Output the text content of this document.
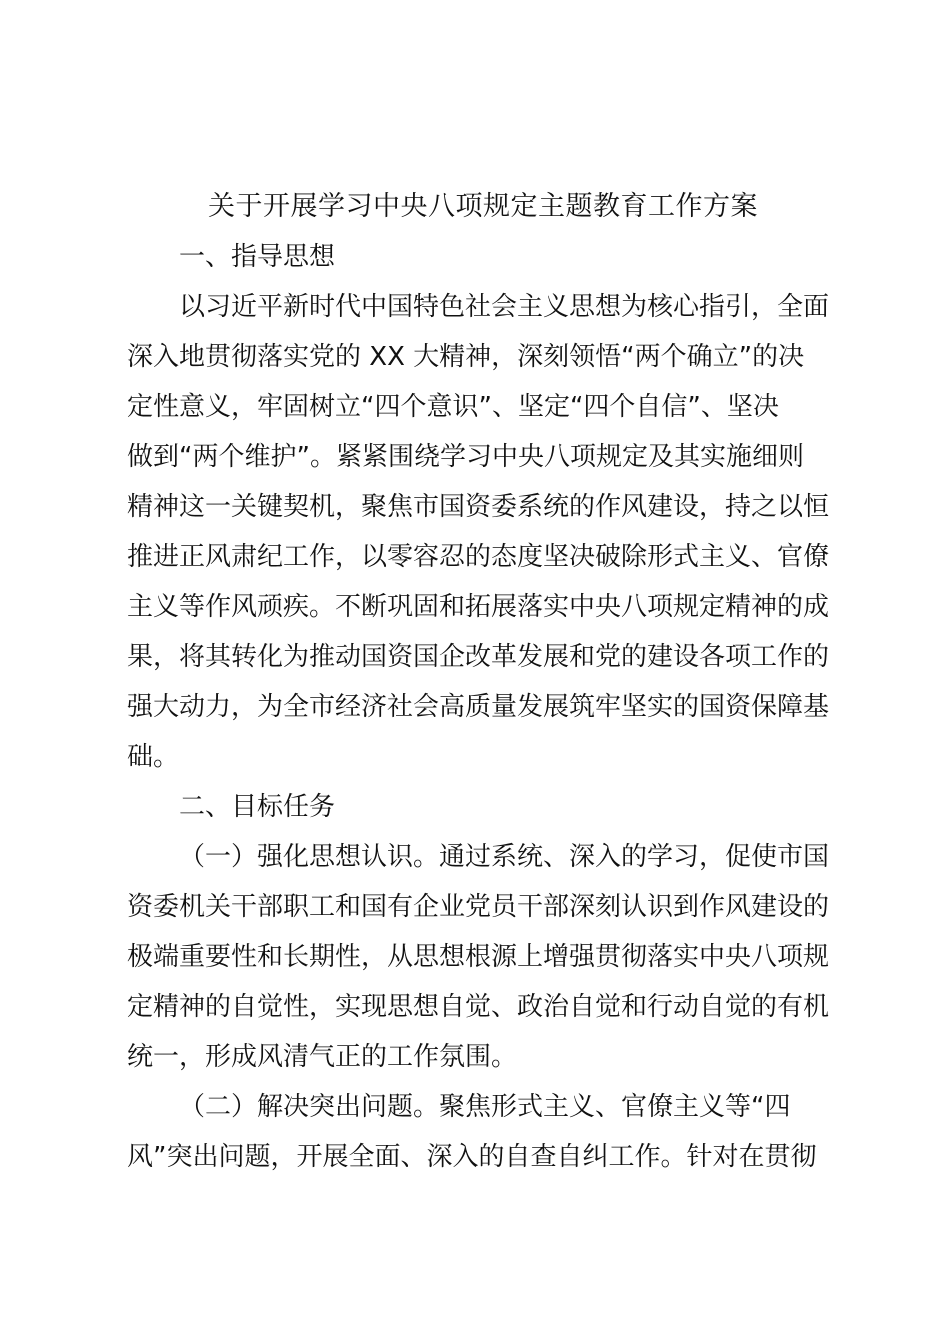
关于开展学习中央八项规定主题教育工作方案
一、指导思想

以习近平新时代中国特色社会主义思想为核心指引，全面
深入地贯彻落实党的 XX 大精神，深刻领悟“两个确立”的决
定性意义，牢固树立“四个意识”、坚定“四个自信”、坚决
做到“两个维护”。紧紧围绕学习中央八项规定及其实施细则
精神这一关键契机，聚焦市国资委系统的作风建设，持之以恒
推进正风肃纪工作，以零容忍的态度坚决破除形式主义、官僚
主义等作风顽疾。不断巩固和拓展落实中央八项规定精神的成
果，将其转化为推动国资国企改革发展和党的建设各项工作的
强大动力，为全市经济社会高质量发展筑牢坚实的国资保障基
础。

二、目标任务

（一）强化思想认识。通过系统、深入的学习，促使市国
资委机关干部职工和国有企业党员干部深刻认识到作风建设的
极端重要性和长期性，从思想根源上增强贯彻落实中央八项规
定精神的自觉性，实现思想自觉、政治自觉和行动自觉的有机
统一，形成风清气正的工作氛围。

（二）解决突出问题。聚焦形式主义、官僚主义等“四
风”突出问题，开展全面、深入的自查自纠工作。针对在贯彻
